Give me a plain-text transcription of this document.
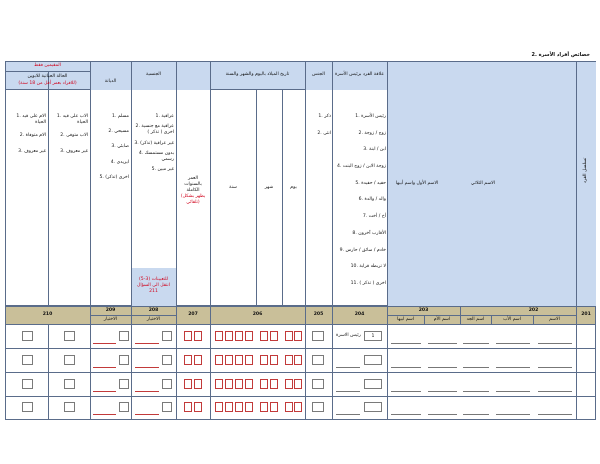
2. خصائص أفراد الأسرة
تسلسل الفرد
الاسم الثلاثي
الاسم الأول واسم أبيها
علاقة الفرد برئيس الأسرة
1. رئيس الأسرة
2. زوج / زوجة
3. ابن / ابنة
4. زوجة الابن / زوج البنت
5. حفيد / حفيدة
6. والد / والدة
7. أخ / أخت
8. الأقارب آخرون
9. خادم / سائق / حارس
10. لا تربطه قرابة
11. اخرى ( تذكر )
الجنس
1. ذكر
2. انثى
تاريخ الميلاد باليوم والشهر والسنة
يوم
شهر
سنة
العمر بالسنوات الكاملة
(يظهر بشكل تلقائي)
الجنسية
1. عراقية
2. عراقية مع جنسية اخرى ( تذكر )
3. غير عراقية (تذكر)
4. بدون مستمسك رسمي
5. غير مبين
للتعيينات (3-5) انتقل الى السؤال 211
الديانة
1. مسلم
2. مسيحي
3. صابئي
4. ايزيدي
5. اخرى (تذكر)
المقيمين فقط
الحالة الحياتية للابوين
(للافراد بعمر أقل من 18 سنة)
1. الاب على قيد الحياة
2. الاب متوفى
3. غير معروف
1. الام على قيد الحياة
2. الام متوفاة
3. غير معروف
201
202
203
204
205
206
207
208
209
210
الاسم
اسم الأب
اسم الجد
اسم الأم
اسم ابيها
الاختيار
الاختيار
رئيس الاسرة	1
